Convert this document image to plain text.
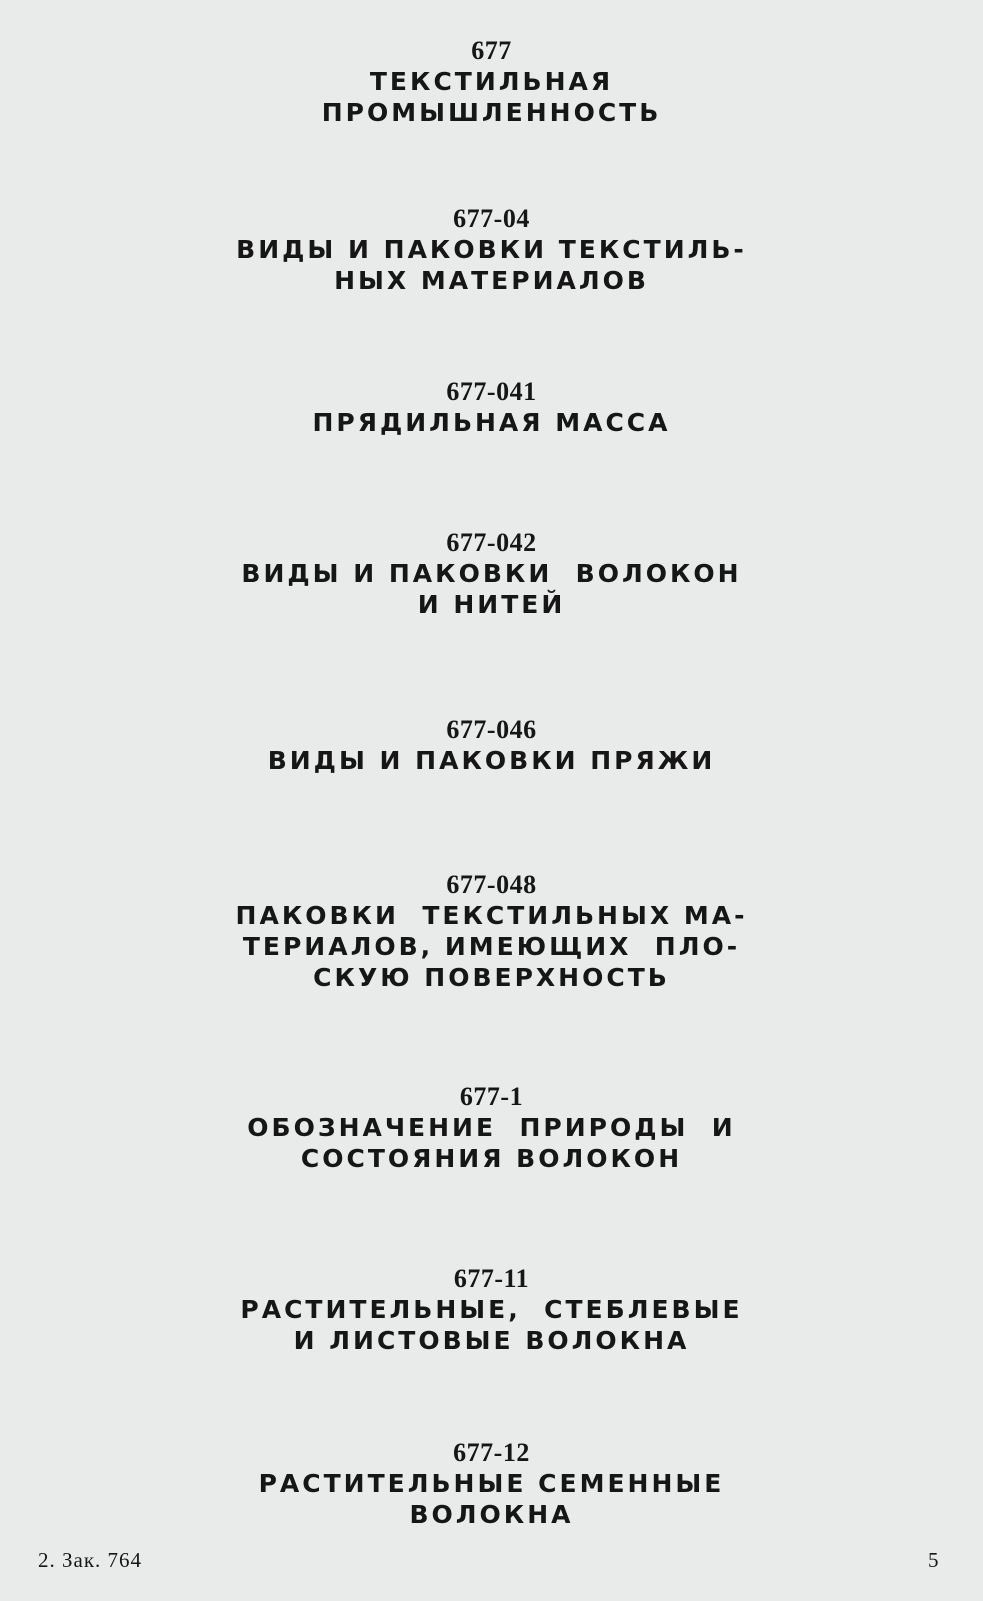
677
ТЕКСТИЛЬНАЯ
ПРОМЫШЛЕННОСТЬ
677-04
ВИДЫ И ПАКОВКИ ТЕКСТИЛЬ-
НЫХ МАТЕРИАЛОВ
677-041
ПРЯДИЛЬНАЯ МАССА
677-042
ВИДЫ И ПАКОВКИ  ВОЛОКОН
И НИТЕЙ
677-046
ВИДЫ И ПАКОВКИ ПРЯЖИ
677-048
ПАКОВКИ  ТЕКСТИЛЬНЫХ МА-
ТЕРИАЛОВ, ИМЕЮЩИХ  ПЛО-
СКУЮ ПОВЕРХНОСТЬ
677-1
ОБОЗНАЧЕНИЕ  ПРИРОДЫ  И
СОСТОЯНИЯ ВОЛОКОН
677-11
РАСТИТЕЛЬНЫЕ,  СТЕБЛЕВЫЕ
И ЛИСТОВЫЕ ВОЛОКНА
677-12
РАСТИТЕЛЬНЫЕ СЕМЕННЫЕ
ВОЛОКНА
2. Зак. 764	5
